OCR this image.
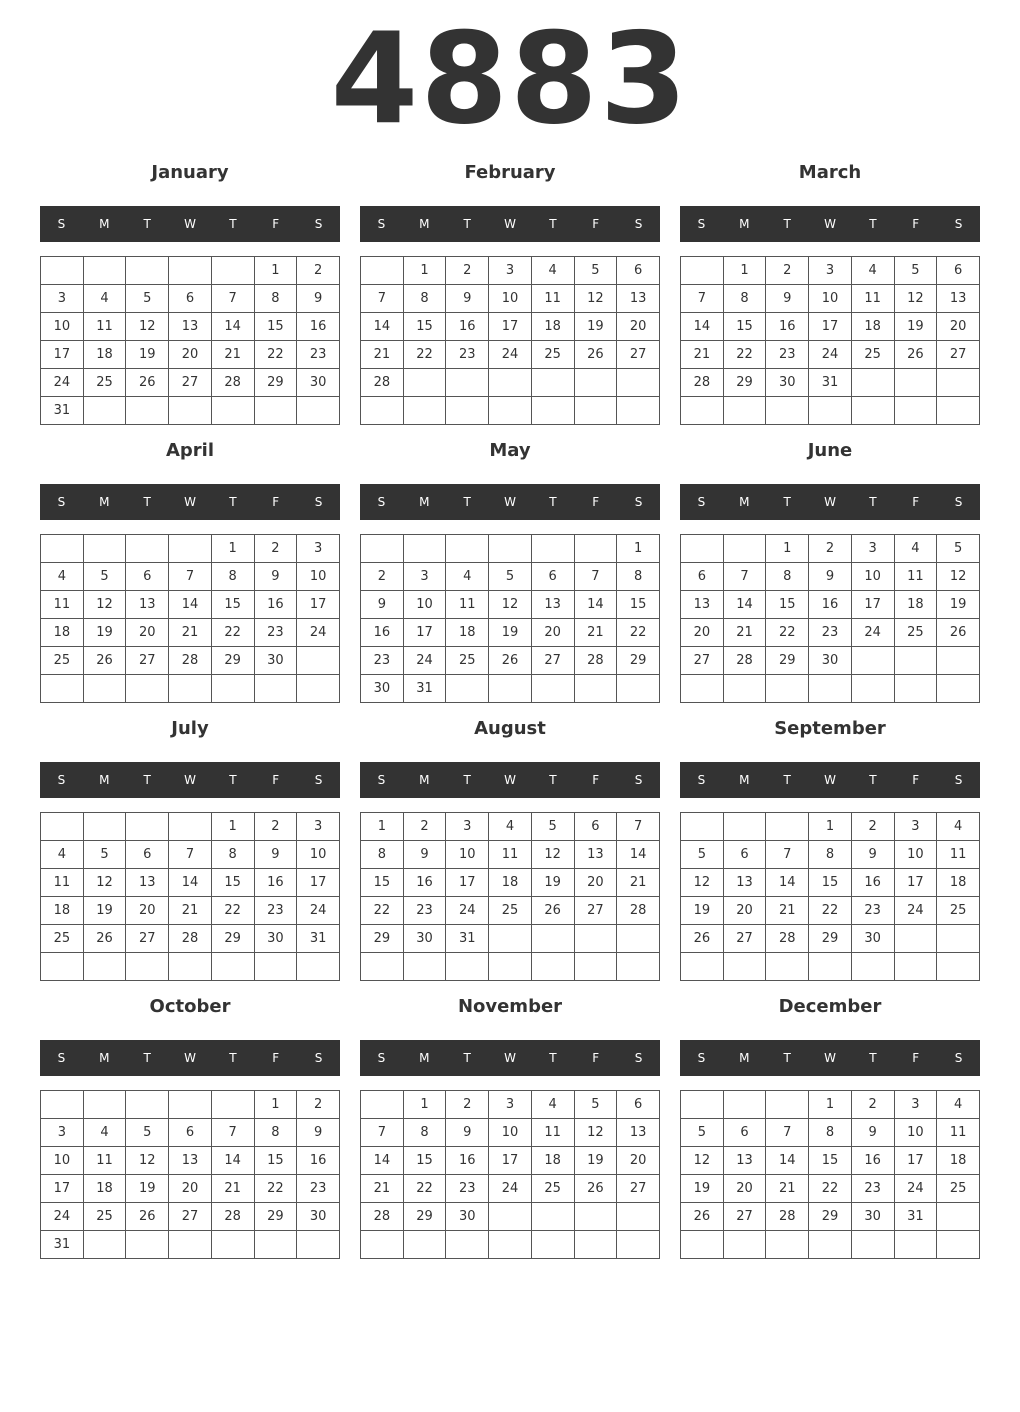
4883
January
S	M	T	W	T	F	S
					1	2
3	4	5	6	7	8	9
10	11	12	13	14	15	16
17	18	19	20	21	22	23
24	25	26	27	28	29	30
31						
February
S	M	T	W	T	F	S
	1	2	3	4	5	6
7	8	9	10	11	12	13
14	15	16	17	18	19	20
21	22	23	24	25	26	27
28						

March
S	M	T	W	T	F	S
	1	2	3	4	5	6
7	8	9	10	11	12	13
14	15	16	17	18	19	20
21	22	23	24	25	26	27
28	29	30	31			

April
S	M	T	W	T	F	S
				1	2	3
4	5	6	7	8	9	10
11	12	13	14	15	16	17
18	19	20	21	22	23	24
25	26	27	28	29	30	

May
S	M	T	W	T	F	S
						1
2	3	4	5	6	7	8
9	10	11	12	13	14	15
16	17	18	19	20	21	22
23	24	25	26	27	28	29
30	31					
June
S	M	T	W	T	F	S
		1	2	3	4	5
6	7	8	9	10	11	12
13	14	15	16	17	18	19
20	21	22	23	24	25	26
27	28	29	30			

July
S	M	T	W	T	F	S
				1	2	3
4	5	6	7	8	9	10
11	12	13	14	15	16	17
18	19	20	21	22	23	24
25	26	27	28	29	30	31

August
S	M	T	W	T	F	S
1	2	3	4	5	6	7
8	9	10	11	12	13	14
15	16	17	18	19	20	21
22	23	24	25	26	27	28
29	30	31				

September
S	M	T	W	T	F	S
			1	2	3	4
5	6	7	8	9	10	11
12	13	14	15	16	17	18
19	20	21	22	23	24	25
26	27	28	29	30		

October
S	M	T	W	T	F	S
					1	2
3	4	5	6	7	8	9
10	11	12	13	14	15	16
17	18	19	20	21	22	23
24	25	26	27	28	29	30
31						
November
S	M	T	W	T	F	S
	1	2	3	4	5	6
7	8	9	10	11	12	13
14	15	16	17	18	19	20
21	22	23	24	25	26	27
28	29	30				

December
S	M	T	W	T	F	S
			1	2	3	4
5	6	7	8	9	10	11
12	13	14	15	16	17	18
19	20	21	22	23	24	25
26	27	28	29	30	31	
